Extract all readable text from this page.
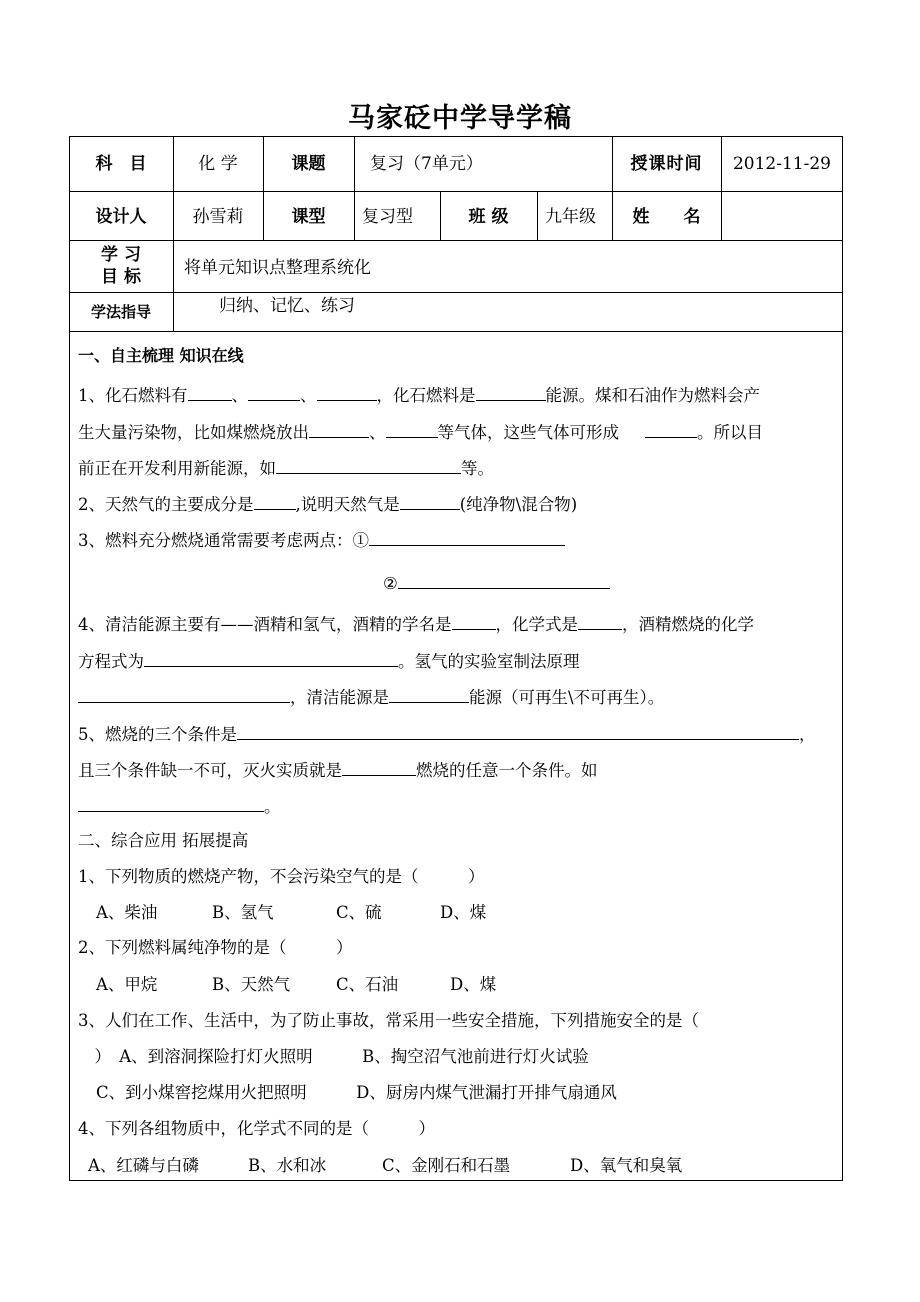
马家砭中学导学稿
科　目	化 学	课题	复习（7单元）	授课时间	2012-11-29
设计人	孙雪莉	课型	复习型	班 级	九年级	姓　　名
学 习
目 标	将单元知识点整理系统化
学法指导	归纳、记忆、练习
一、自主梳理 知识在线
1、化石燃料有	、	、	，化石燃料是	能源。煤和石油作为燃料会产
生大量污染物，比如煤燃烧放出	、	等气体，这些气体可形成	。所以目
前正在开发利用新能源，如	等。
2、天然气的主要成分是	,说明天然气是	(纯净物\混合物)
3、燃料充分燃烧通常需要考虑两点：①
②
4、清洁能源主要有——酒精和氢气，酒精的学名是	，化学式是	，酒精燃烧的化学
方程式为	。氢气的实验室制法原理
，清洁能源是	能源（可再生\不可再生）。
5、燃烧的三个条件是	，
且三个条件缺一不可，灭火实质就是	燃烧的任意一个条件。如
。
二、综合应用 拓展提高
1、下列物质的燃烧产物，不会污染空气的是（　　　）
A、柴油	B、氢气	C、硫	D、煤
2、下列燃料属纯净物的是（　　　）
A、甲烷	B、天然气	C、石油	D、煤
3、人们在工作、生活中，为了防止事故，常采用一些安全措施，下列措施安全的是（
　）　A、到溶洞探险打灯火照明　　　B、掏空沼气池前进行灯火试验
C、到小煤窖挖煤用火把照明　　　D、厨房内煤气泄漏打开排气扇通风
4、下列各组物质中，化学式不同的是（　　　）
A、红磷与白磷	B、水和冰	C、金刚石和石墨	D、氧气和臭氧
